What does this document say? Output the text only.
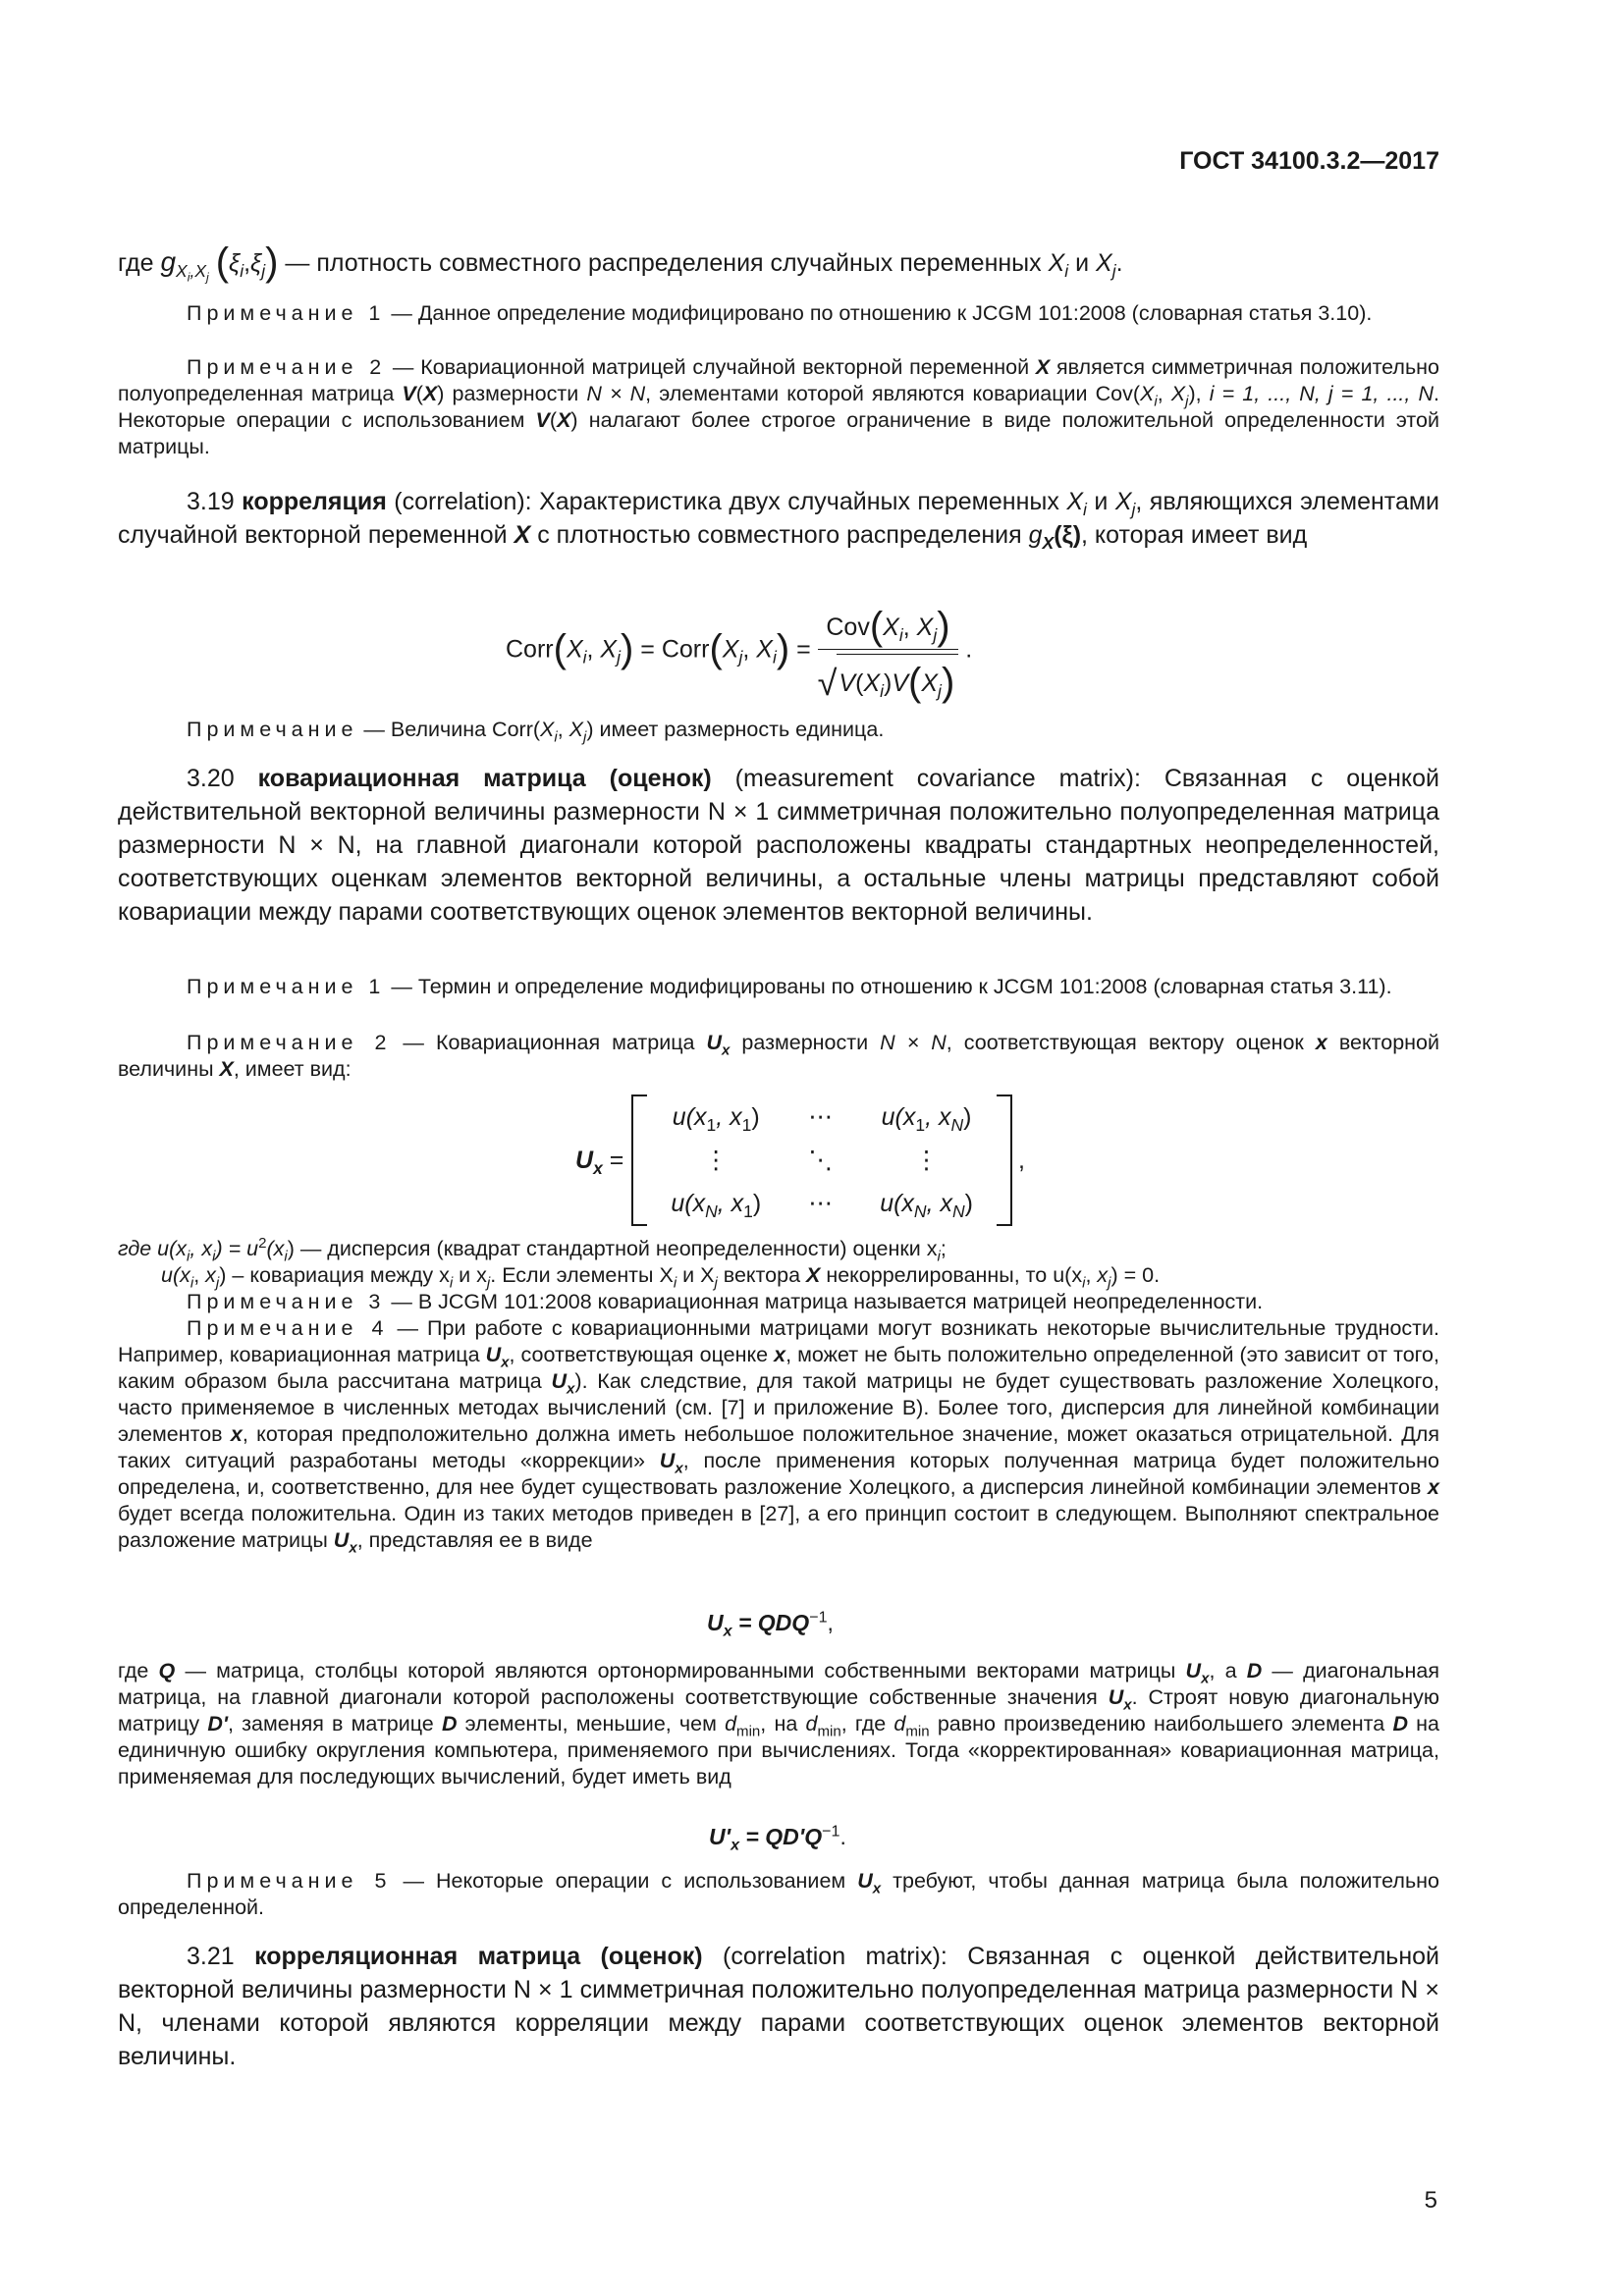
ГОСТ 34100.3.2—2017
где $g_{X_i,X_j}$ $(\xi_i,\xi_j)$ — плотность совместного распределения случайных переменных $X_i$ и $X_j$.
Примечание 1 — Данное определение модифицировано по отношению к JCGM 101:2008 (словарная статья 3.10).
Примечание 2 — Ковариационной матрицей случайной векторной переменной X является симметричная положительно полуопределенная матрица V(X) размерности N × N, элементами которой являются ковариации $Cov(X_i$, $X_j$), i = 1, ..., N, j = 1, ..., N. Некоторые операции с использованием V(X) налагают более строгое ограничение в виде положительной определенности этой матрицы.
3.19 корреляция (correlation): Характеристика двух случайных переменных $X_i$ и $X_j$, являющихся элементами случайной векторной переменной X с плотностью совместного распределения $g_X(\xi)$, которая имеет вид
$Corr(X_i$, $X_j$) = $Corr(X_j$, $X_i) = \frac{Cov(X_i, X_j)}{√V(X_i)V(X_j)}$ .
Примечание — Величина $Corr(X_i$, $X_j$) имеет размерность единица.
3.20 ковариационная матрица (оценок) (measurement covariance matrix): Связанная с оценкой действительной векторной величины размерности N × 1 симметричная положительно полуопределенная матрица размерности N × N, на главной диагонали которой расположены квадраты стандартных неопределенностей, соответствующих оценкам элементов векторной величины, а остальные члены матрицы представляют собой ковариации между парами соответствующих оценок элементов векторной величины.
Примечание 1 — Термин и определение модифицированы по отношению к JCGM 101:2008 (словарная статья 3.11).
Примечание 2 — Ковариационная матрица $U_x$ размерности N × N, соответствующая вектору оценок x векторной величины X, имеет вид:
$U_x$ =		
$u(x_1$, $x_1$)	⋯	$u(x_1$, $x_N$)
⋮	⋱	⋮
$u(x_N$, $x_1$)	⋯	$u(x_N$, $x_N$)
		,
где $u(x_i$, $x_i) = u^2(x_i)$ — дисперсия (квадрат стандартной неопределенности) оценки $x_i$;
$u(x_i$, $x_j$) – ковариация между $x_i$ и $x_j$. Если элементы $X_i$ и $X_j$ вектора X некоррелированны, то $u(x_i$, $x_j) = 0$.
Примечание 3 — В JCGM 101:2008 ковариационная матрица называется матрицей неопределенности.
Примечание 4 — При работе с ковариационными матрицами могут возникать некоторые вычислительные трудности. Например, ковариационная матрица $U_x$, соответствующая оценке x, может не быть положительно определенной (это зависит от того, каким образом была рассчитана матрица $U_x$). Как следствие, для такой матрицы не будет существовать разложение Холецкого, часто применяемое в численных методах вычислений (см. [7] и приложение В). Более того, дисперсия для линейной комбинации элементов x, которая предположительно должна иметь небольшое положительное значение, может оказаться отрицательной. Для таких ситуаций разработаны методы «коррекции» $U_x$, после применения которых полученная матрица будет положительно определена, и, соответственно, для нее будет существовать разложение Холецкого, а дисперсия линейной комбинации элементов x будет всегда положительна. Один из таких методов приведен в [27], а его принцип состоит в следующем. Выполняют спектральное разложение матрицы $U_x$, представляя ее в виде
$U_x = QDQ^{-1}$,
где Q — матрица, столбцы которой являются ортонормированными собственными векторами матрицы $U_x$, а D — диагональная матрица, на главной диагонали которой расположены соответствующие собственные значения $U_x$. Строят новую диагональную матрицу D', заменяя в матрице D элементы, меньшие, чем $d_{min}$, на $d_{min}$, где $d_{min}$ равно произведению наибольшего элемента D на единичную ошибку округления компьютера, применяемого при вычислениях. Тогда «корректированная» ковариационная матрица, применяемая для последующих вычислений, будет иметь вид
$U'_x = QD'Q^{-1}$.
Примечание 5 — Некоторые операции с использованием $U_x$ требуют, чтобы данная матрица была положительно определенной.
3.21 корреляционная матрица (оценок) (correlation matrix): Связанная с оценкой действительной векторной величины размерности N × 1 симметричная положительно полуопределенная матрица размерности N × N, членами которой являются корреляции между парами соответствующих оценок элементов векторной величины.
5
